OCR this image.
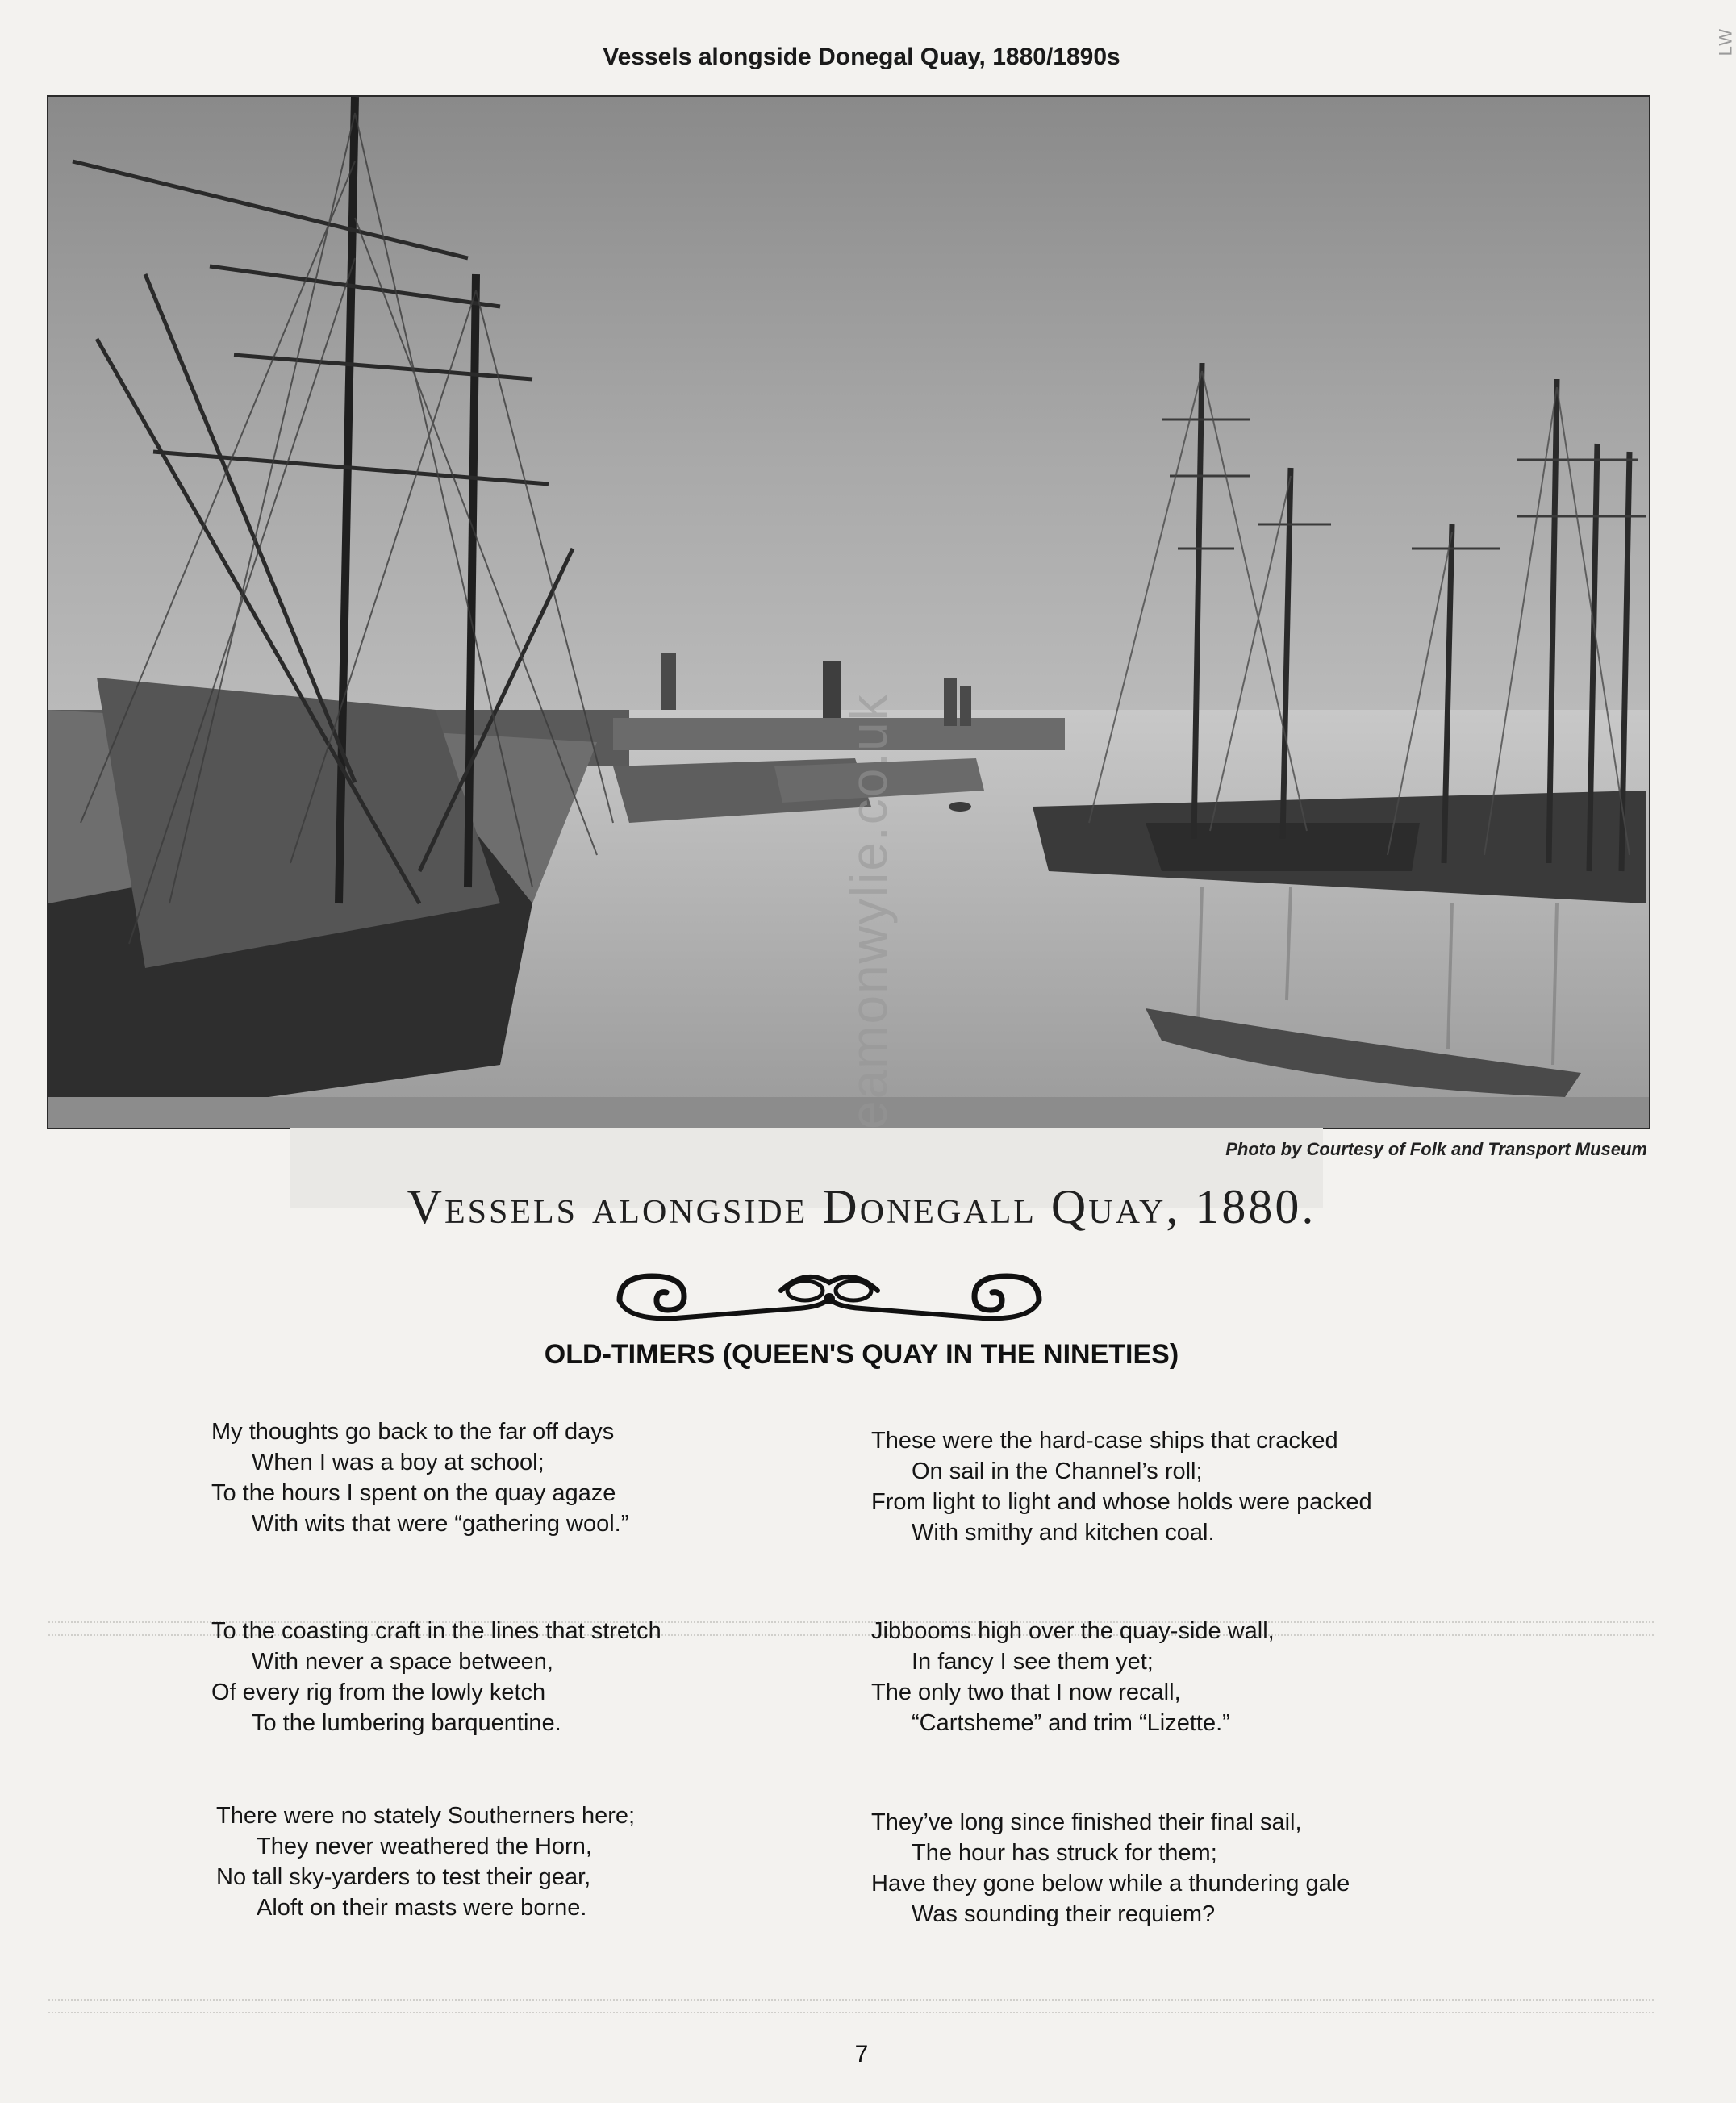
LW
Vessels alongside Donegal Quay, 1880/1890s
Vessels alongside Donegall Quay, 1880.
Photo by Courtesy of Folk and Transport Museum
eamonwylie.co.uk
OLD-TIMERS (QUEEN'S QUAY IN THE NINETIES)
My thoughts go back to the far off days
When I was a boy at school;
To the hours I spent on the quay agaze
With wits that were “gathering wool.”
These were the hard-case ships that cracked
On sail in the Channel’s roll;
From light to light and whose holds were packed
With smithy and kitchen coal.
To the coasting craft in the lines that stretch
With never a space between,
Of every rig from the lowly ketch
To the lumbering barquentine.
Jibbooms high over the quay-side wall,
In fancy I see them yet;
The only two that I now recall,
“Cartsheme” and trim “Lizette.”
There were no stately Southerners here;
They never weathered the Horn,
No tall sky-yarders to test their gear,
Aloft on their masts were borne.
They’ve long since finished their final sail,
The hour has struck for them;
Have they gone below while a thundering gale
Was sounding their requiem?
7
